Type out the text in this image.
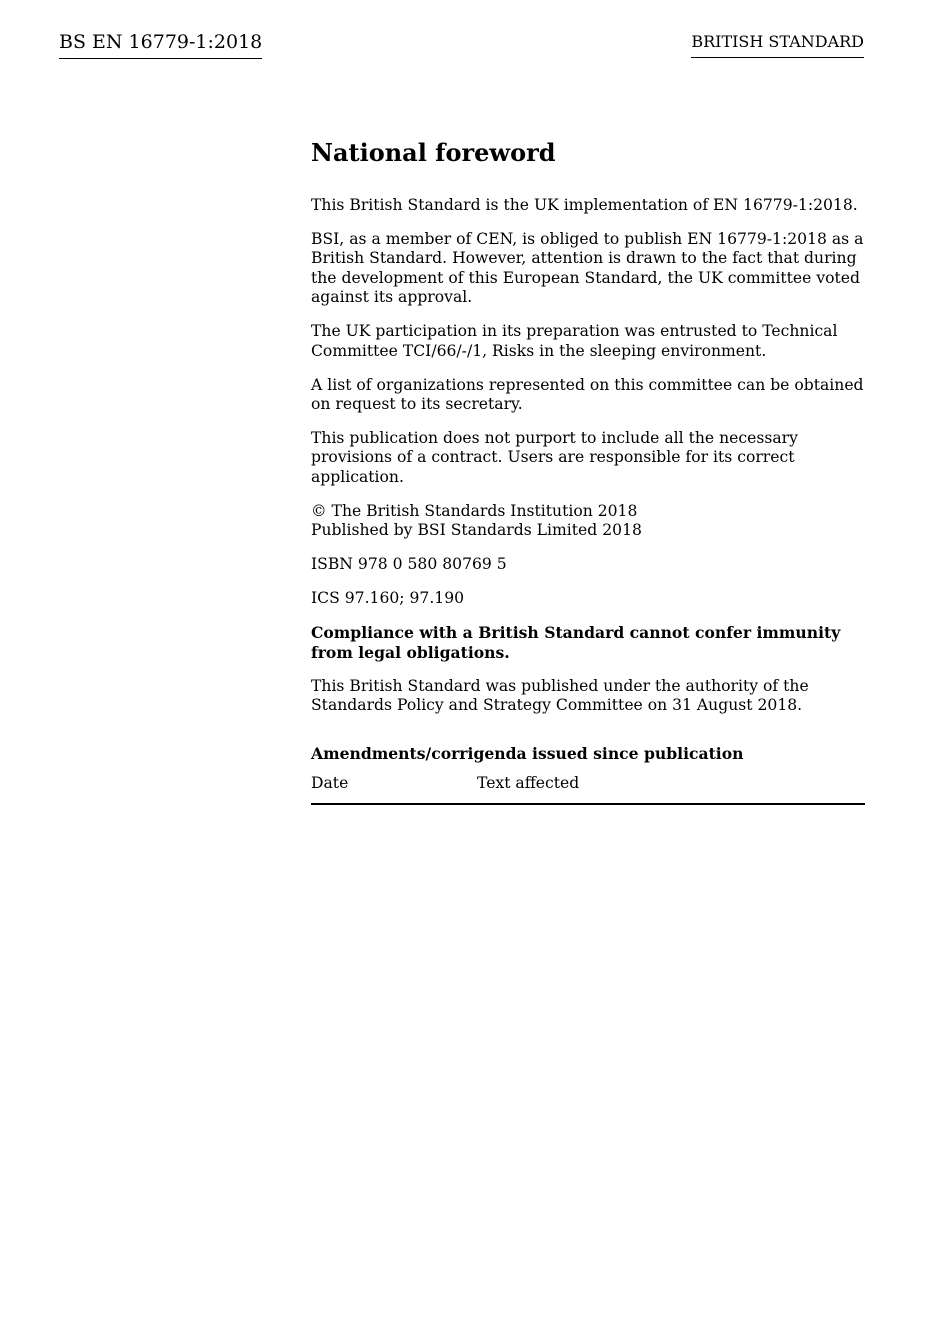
BS EN 16779-1:2018	BRITISH STANDARD
National foreword

This British Standard is the UK implementation of EN 16779-1:2018.

BSI, as a member of CEN, is obliged to publish EN 16779-1:2018 as a British Standard. However, attention is drawn to the fact that during the development of this European Standard, the UK committee voted against its approval.

The UK participation in its preparation was entrusted to Technical Committee TCI/66/-/1, Risks in the sleeping environment.

A list of organizations represented on this committee can be obtained on request to its secretary.

This publication does not purport to include all the necessary provisions of a contract. Users are responsible for its correct application.

© The British Standards Institution 2018
Published by BSI Standards Limited 2018

ISBN 978 0 580 80769 5

ICS 97.160; 97.190

Compliance with a British Standard cannot confer immunity from legal obligations.

This British Standard was published under the authority of the Standards Policy and Strategy Committee on 31 August 2018.

Amendments/corrigenda issued since publication
Date	Text affected
